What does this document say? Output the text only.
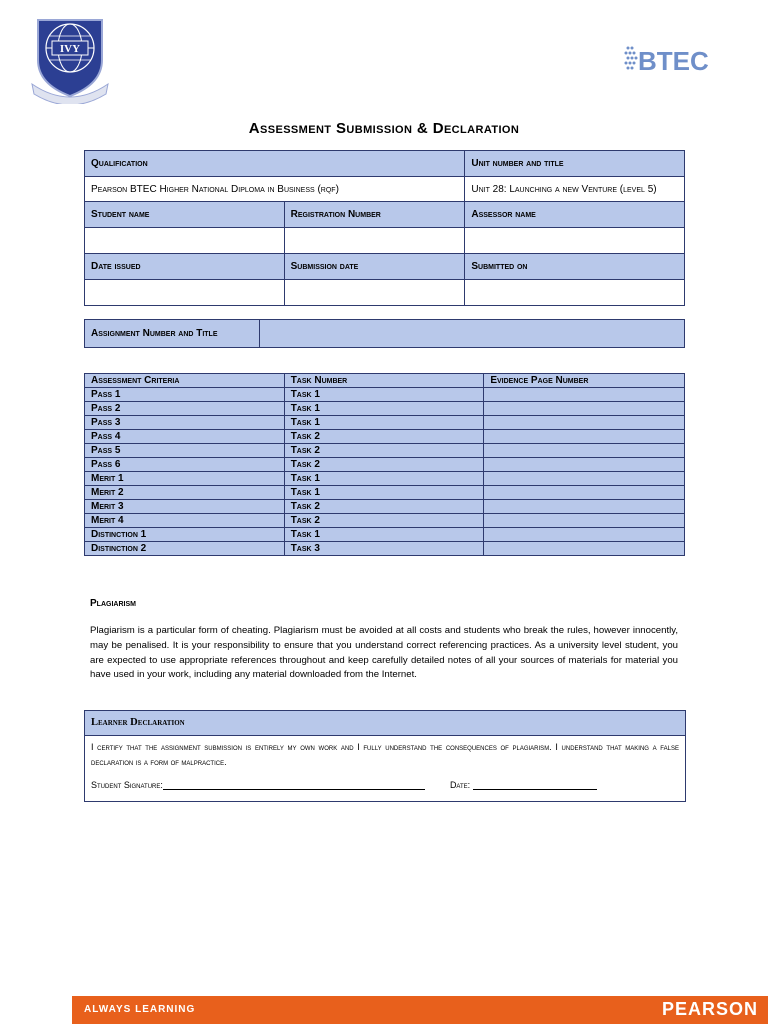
IVY	BTEC
Assessment Submission & Declaration
Qualification		Unit number and title
Pearson BTEC Higher National Diploma in Business (rqf)		Unit 28: Launching a new Venture (level 5)
Student name	Registration Number	Assessor name

Date issued	Submission date	Submitted on

Assignment Number and Title	
Assessment Criteria	Task Number	Evidence Page Number
Pass 1	Task 1	
Pass 2	Task 1	
Pass 3	Task 1	
Pass 4	Task 2	
Pass 5	Task 2	
Pass 6	Task 2	
Merit 1	Task 1	
Merit 2	Task 1	
Merit 3	Task 2	
Merit 4	Task 2	
Distinction 1	Task 1	
Distinction 2	Task 3	
Plagiarism
Plagiarism is a particular form of cheating. Plagiarism must be avoided at all costs and students who break the rules, however innocently, may be penalised. It is your responsibility to ensure that you understand correct referencing practices. As a university level student, you are expected to use appropriate references throughout and keep carefully detailed notes of all your sources of materials for material you have used in your work, including any material downloaded from the Internet.
Learner Declaration
I certify that the assignment submission is entirely my own work and I fully understand the consequences of plagiarism. I understand that making a false declaration is a form of malpractice.
Student Signature:	Date:
ALWAYS LEARNING	PEARSON
